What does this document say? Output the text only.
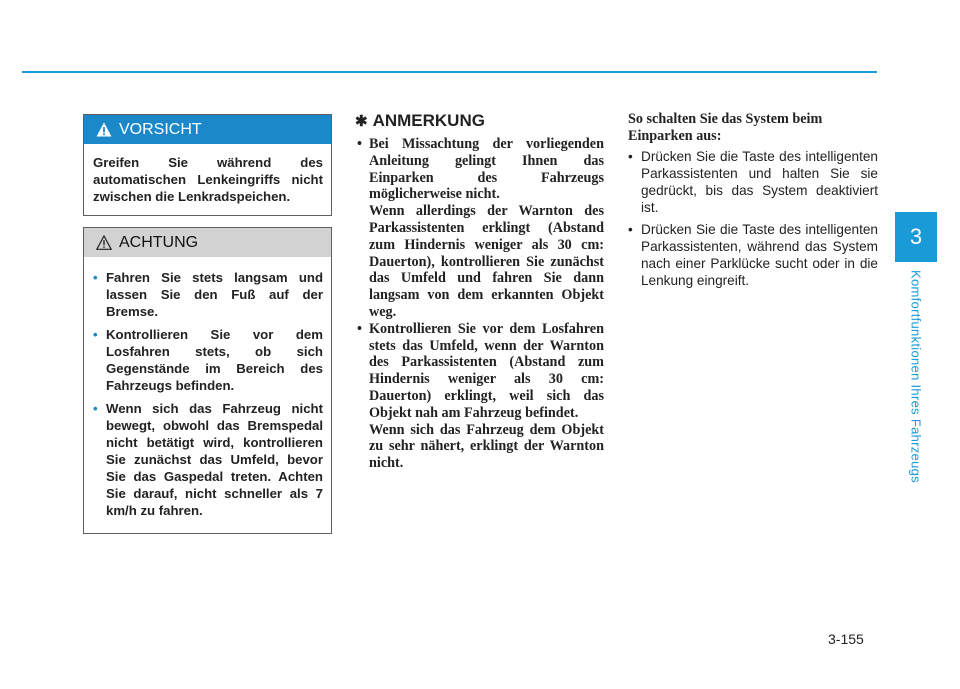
3
Komfortfunktionen Ihres Fahrzeugs
VORSICHT
Greifen Sie während des automatischen Lenkeingriffs nicht zwischen die Lenkradspeichen.
ACHTUNG
• Fahren Sie stets langsam und lassen Sie den Fuß auf der Bremse.
• Kontrollieren Sie vor dem Losfahren stets, ob sich Gegenstände im Bereich des Fahrzeugs befinden.
• Wenn sich das Fahrzeug nicht bewegt, obwohl das Bremspedal nicht betätigt wird, kontrollieren Sie zunächst das Umfeld, bevor Sie das Gaspedal treten. Achten Sie darauf, nicht schneller als 7 km/h zu fahren.
✱ ANMERKUNG
• Bei Missachtung der vorliegenden Anleitung gelingt Ihnen das Einparken des Fahrzeugs möglicherweise nicht.

Wenn allerdings der Warnton des Parkassistenten erklingt (Abstand zum Hindernis weniger als 30 cm: Dauerton), kontrollieren Sie zunächst das Umfeld und fahren Sie dann langsam von dem erkannten Objekt weg.

• Kontrollieren Sie vor dem Losfahren stets das Umfeld, wenn der Warnton des Parkassistenten (Abstand zum Hindernis weniger als 30 cm: Dauerton) erklingt, weil sich das Objekt nah am Fahrzeug befindet.

Wenn sich das Fahrzeug dem Objekt zu sehr nähert, erklingt der Warnton nicht.

So schalten Sie das System beim Einparken aus:
• Drücken Sie die Taste des intelligenten Parkassistenten und halten Sie sie gedrückt, bis das System deaktiviert ist.
• Drücken Sie die Taste des intelligenten Parkassistenten, während das System nach einer Parklücke sucht oder in die Lenkung eingreift.
3-155
